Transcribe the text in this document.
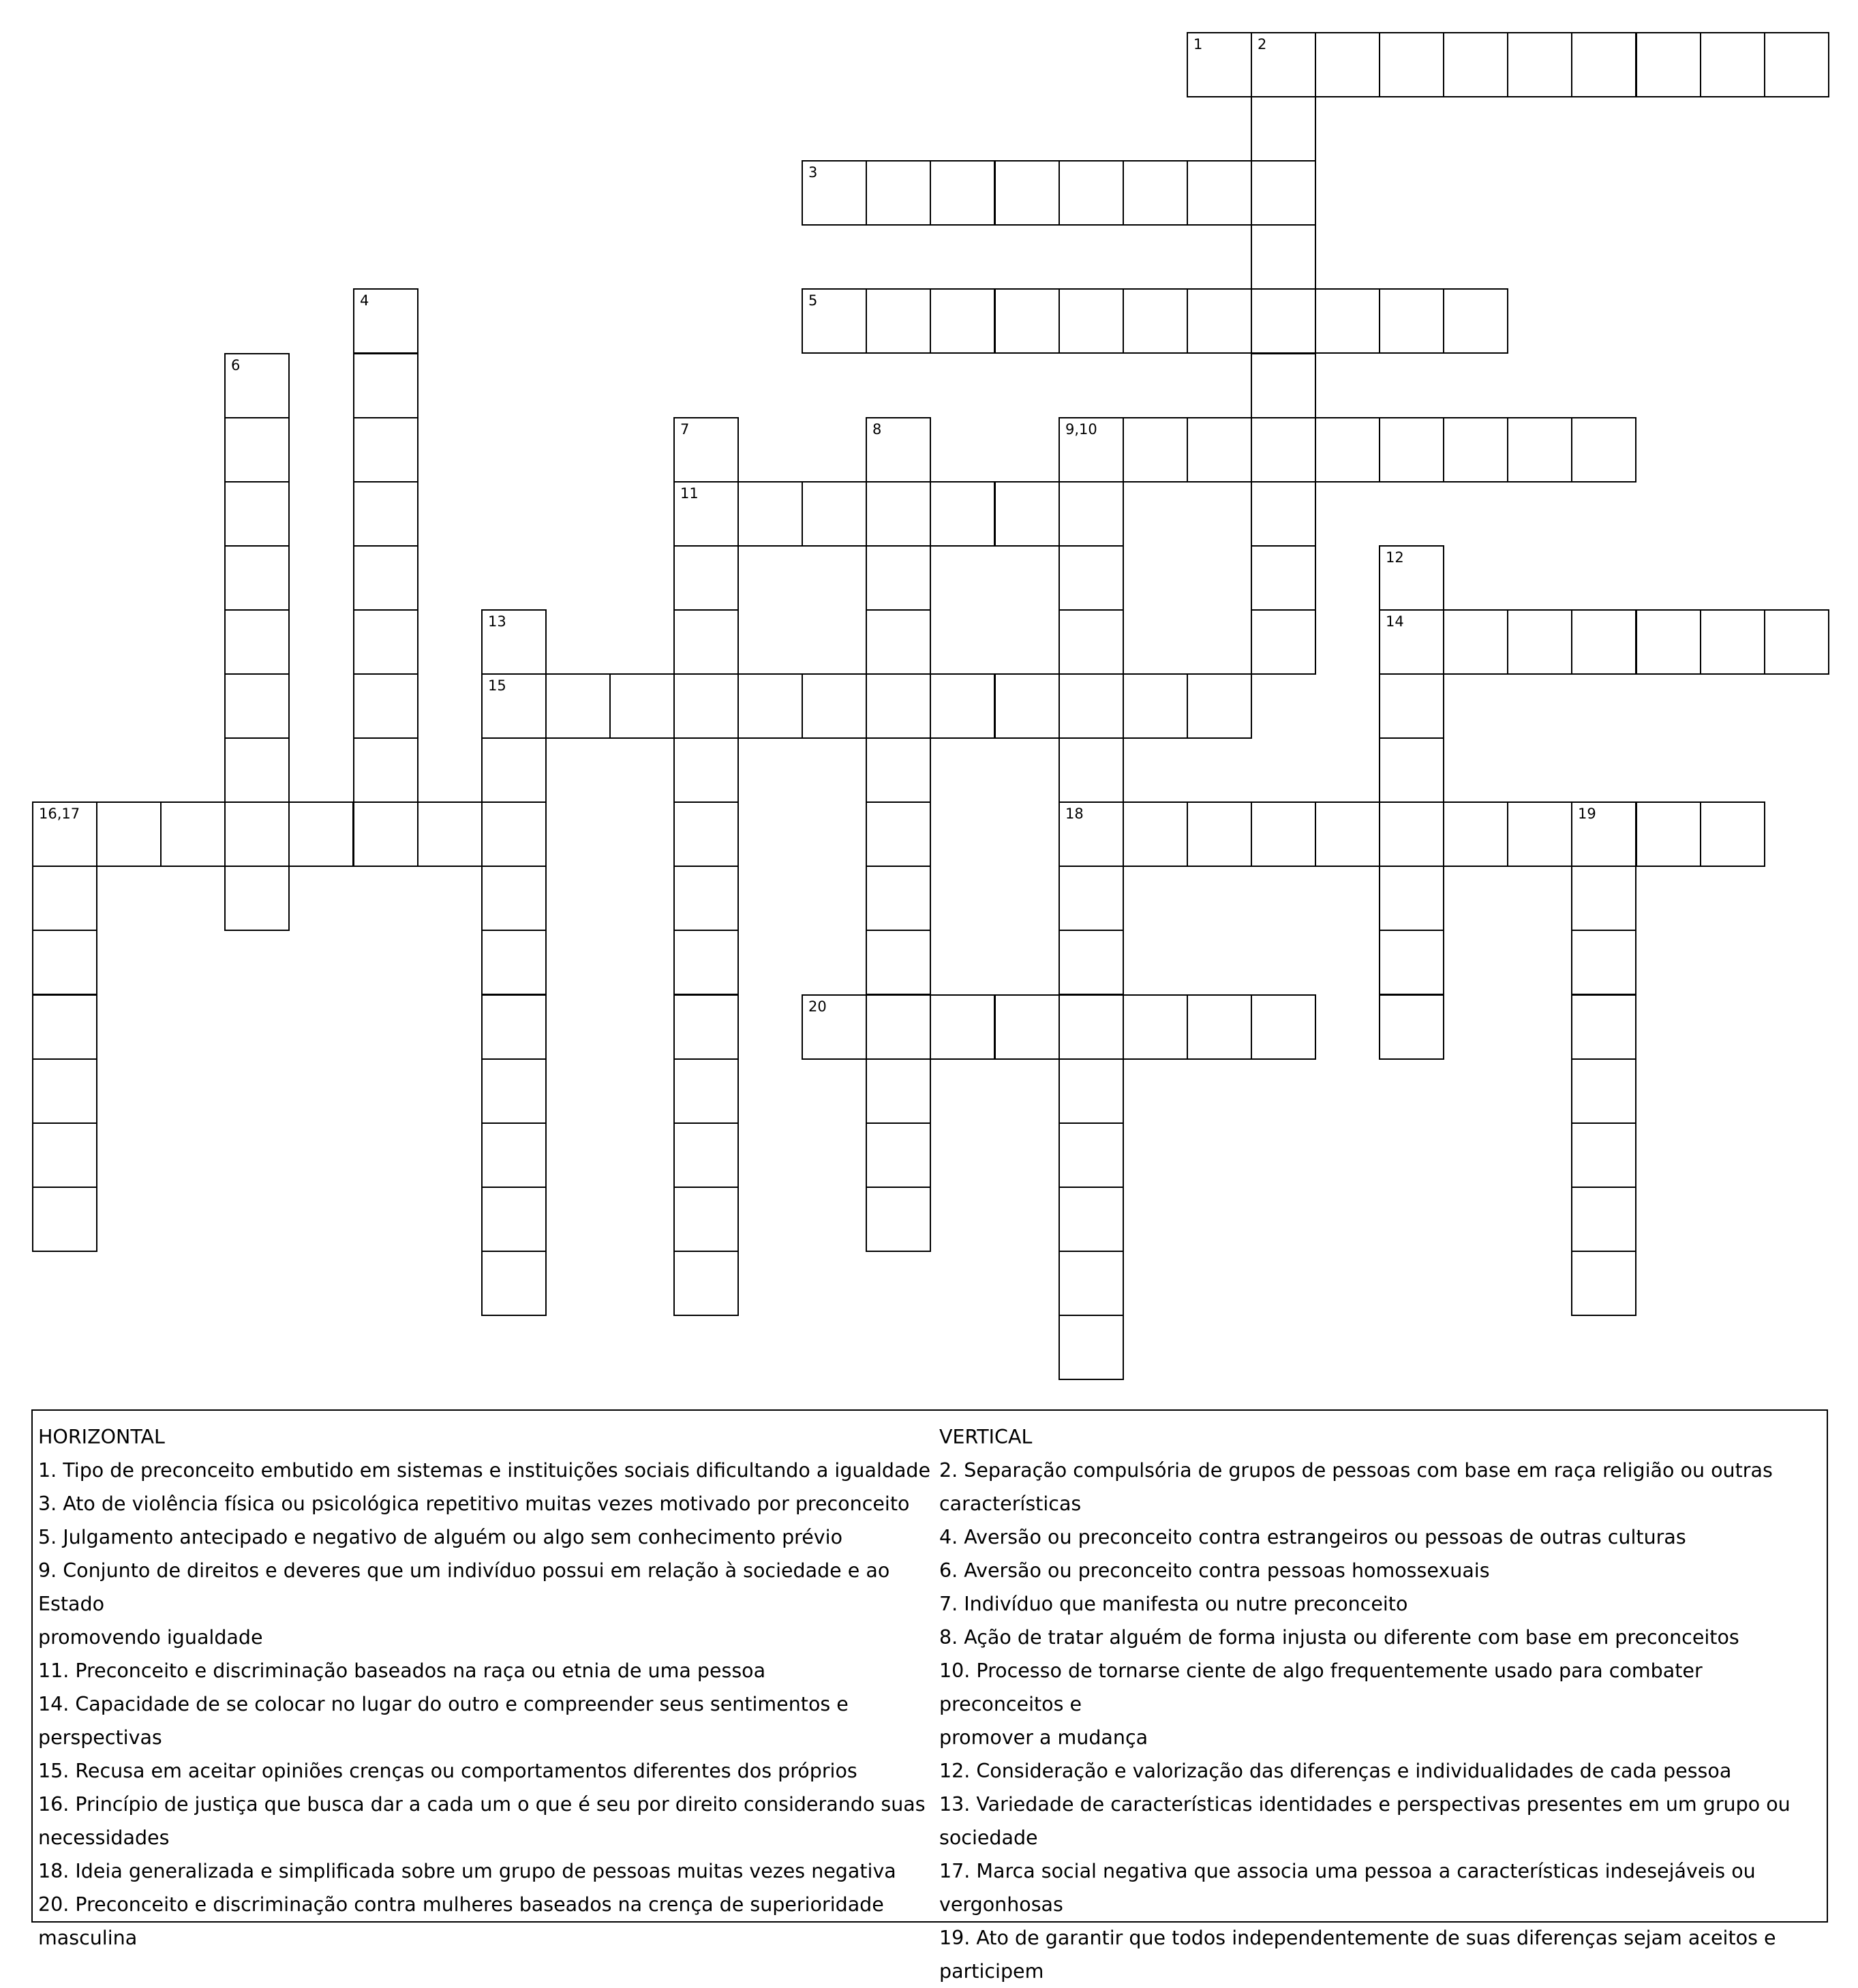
1	2
3
4	5
6
7
11
8	9,10
18
12
14
13
15
16,17	19
20
HORIZONTAL
1. Tipo de preconceito embutido em sistemas e instituições sociais dificultando a igualdade
3. Ato de violência física ou psicológica repetitivo muitas vezes motivado por preconceito
5. Julgamento antecipado e negativo de alguém ou algo sem conhecimento prévio
9. Conjunto de direitos e deveres que um indivíduo possui em relação à sociedade e ao Estado
promovendo igualdade
11. Preconceito e discriminação baseados na raça ou etnia de uma pessoa
14. Capacidade de se colocar no lugar do outro e compreender seus sentimentos e perspectivas
15. Recusa em aceitar opiniões crenças ou comportamentos diferentes dos próprios
16. Princípio de justiça que busca dar a cada um o que é seu por direito considerando suas
necessidades
18. Ideia generalizada e simplificada sobre um grupo de pessoas muitas vezes negativa
20. Preconceito e discriminação contra mulheres baseados na crença de superioridade masculina
VERTICAL
2. Separação compulsória de grupos de pessoas com base em raça religião ou outras
características
4. Aversão ou preconceito contra estrangeiros ou pessoas de outras culturas
6. Aversão ou preconceito contra pessoas homossexuais
7. Indivíduo que manifesta ou nutre preconceito
8. Ação de tratar alguém de forma injusta ou diferente com base em preconceitos
10. Processo de tornarse ciente de algo frequentemente usado para combater preconceitos e
promover a mudança
12. Consideração e valorização das diferenças e individualidades de cada pessoa
13. Variedade de características identidades e perspectivas presentes em um grupo ou
sociedade
17. Marca social negativa que associa uma pessoa a características indesejáveis ou vergonhosas
19. Ato de garantir que todos independentemente de suas diferenças sejam aceitos e participem
